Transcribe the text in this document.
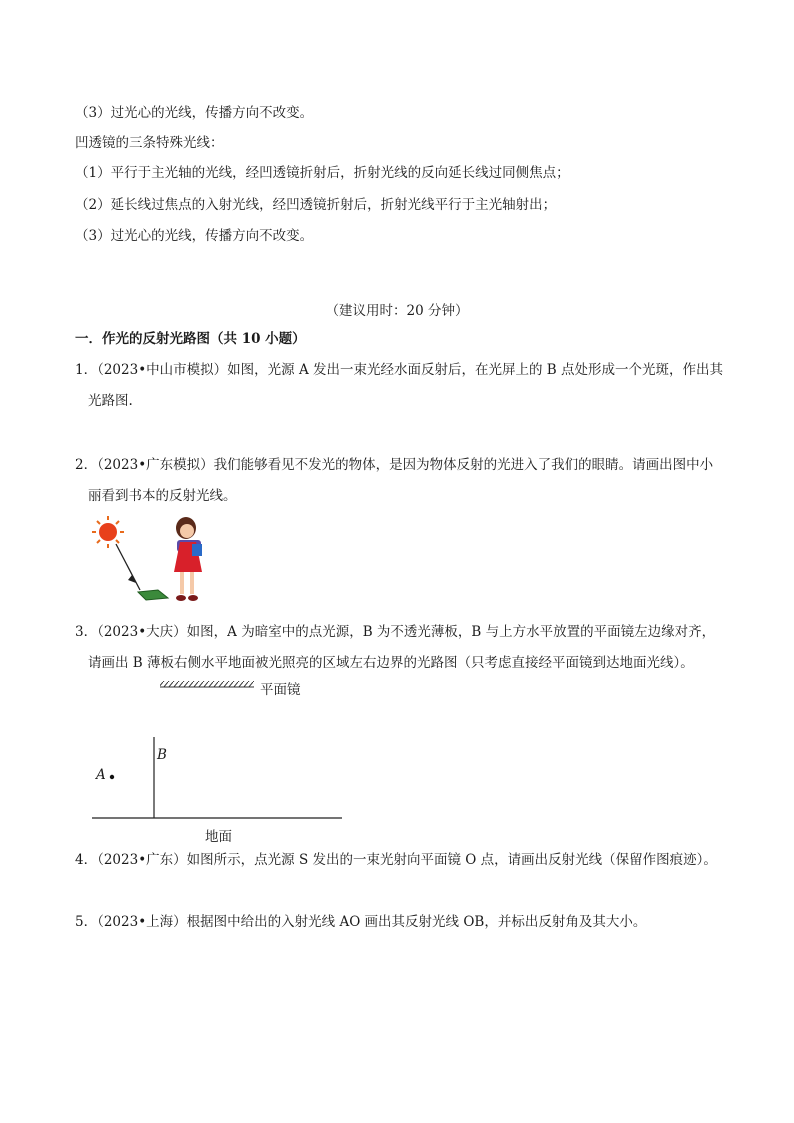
（3）过光心的光线，传播方向不改变。
凹透镜的三条特殊光线：
（1）平行于主光轴的光线，经凹透镜折射后，折射光线的反向延长线过同侧焦点；
（2）延长线过焦点的入射光线，经凹透镜折射后，折射光线平行于主光轴射出；
（3）过光心的光线，传播方向不改变。
（建议用时：20 分钟）
一．作光的反射光路图（共 10 小题）
1．（2023•中山市模拟）如图，光源 A 发出一束光经水面反射后，在光屏上的 B 点处形成一个光斑，作出其
光路图.
2．（2023•广东模拟）我们能够看见不发光的物体，是因为物体反射的光进入了我们的眼睛。请画出图中小
丽看到书本的反射光线。
3．（2023•大庆）如图，A 为暗室中的点光源，B 为不透光薄板，B 与上方水平放置的平面镜左边缘对齐，
请画出 B 薄板右侧水平地面被光照亮的区域左右边界的光路图（只考虑直接经平面镜到达地面光线）。
平面镜
A
B
地面
4．（2023•广东）如图所示，点光源 S 发出的一束光射向平面镜 O 点，请画出反射光线（保留作图痕迹）。
5．（2023•上海）根据图中给出的入射光线 AO 画出其反射光线 OB，并标出反射角及其大小。
